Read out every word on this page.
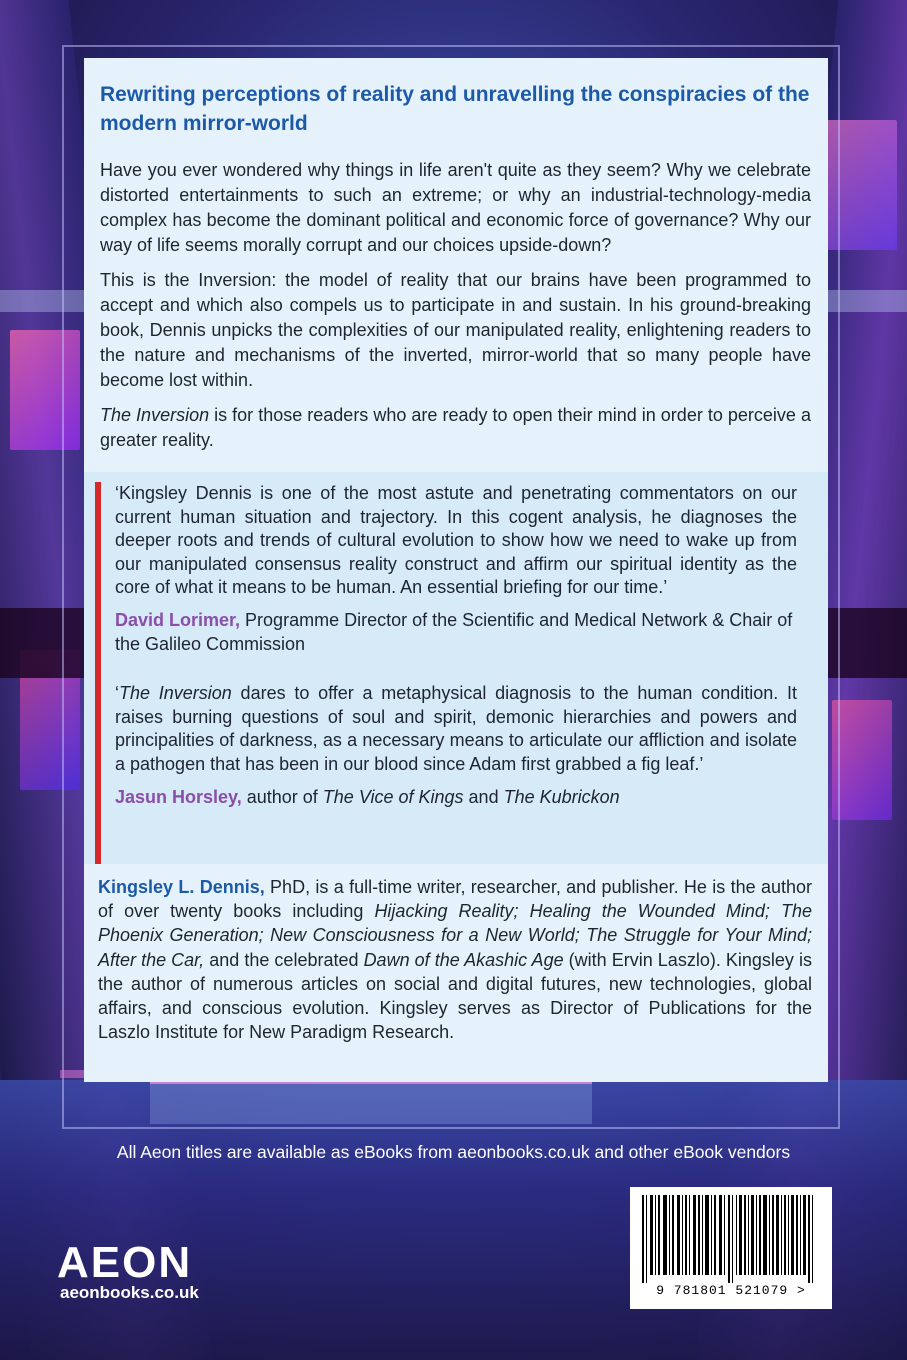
Rewriting perceptions of reality and unravelling the conspiracies of the modern mirror-world

Have you ever wondered why things in life aren't quite as they seem? Why we celebrate distorted entertainments to such an extreme; or why an industrial-technology-media complex has become the dominant political and economic force of governance? Why our way of life seems morally corrupt and our choices upside-down?

This is the Inversion: the model of reality that our brains have been programmed to accept and which also compels us to participate in and sustain. In his ground-breaking book, Dennis unpicks the complexities of our manipulated reality, enlightening readers to the nature and mechanisms of the inverted, mirror-world that so many people have become lost within.

The Inversion is for those readers who are ready to open their mind in order to perceive a greater reality.

‘Kingsley Dennis is one of the most astute and penetrating commentators on our current human situation and trajectory. In this cogent analysis, he diagnoses the deeper roots and trends of cultural evolution to show how we need to wake up from our manipulated consensus reality construct and affirm our spiritual identity as the core of what it means to be human. An essential briefing for our time.’

David Lorimer, Programme Director of the Scientific and Medical Network & Chair of the Galileo Commission

‘The Inversion dares to offer a metaphysical diagnosis to the human condition. It raises burning questions of soul and spirit, demonic hierarchies and powers and principalities of darkness, as a necessary means to articulate our affliction and isolate a pathogen that has been in our blood since Adam first grabbed a fig leaf.’

Jasun Horsley, author of The Vice of Kings and The Kubrickon

Kingsley L. Dennis, PhD, is a full-time writer, researcher, and publisher. He is the author of over twenty books including Hijacking Reality; Healing the Wounded Mind; The Phoenix Generation; New Consciousness for a New World; The Struggle for Your Mind; After the Car, and the celebrated Dawn of the Akashic Age (with Ervin Laszlo). Kingsley is the author of numerous articles on social and digital futures, new technologies, global affairs, and conscious evolution. Kingsley serves as Director of Publications for the Laszlo Institute for New Paradigm Research.
All Aeon titles are available as eBooks from aeonbooks.co.uk and other eBook vendors
AEON
aeonbooks.co.uk	9 781801 521079 >
